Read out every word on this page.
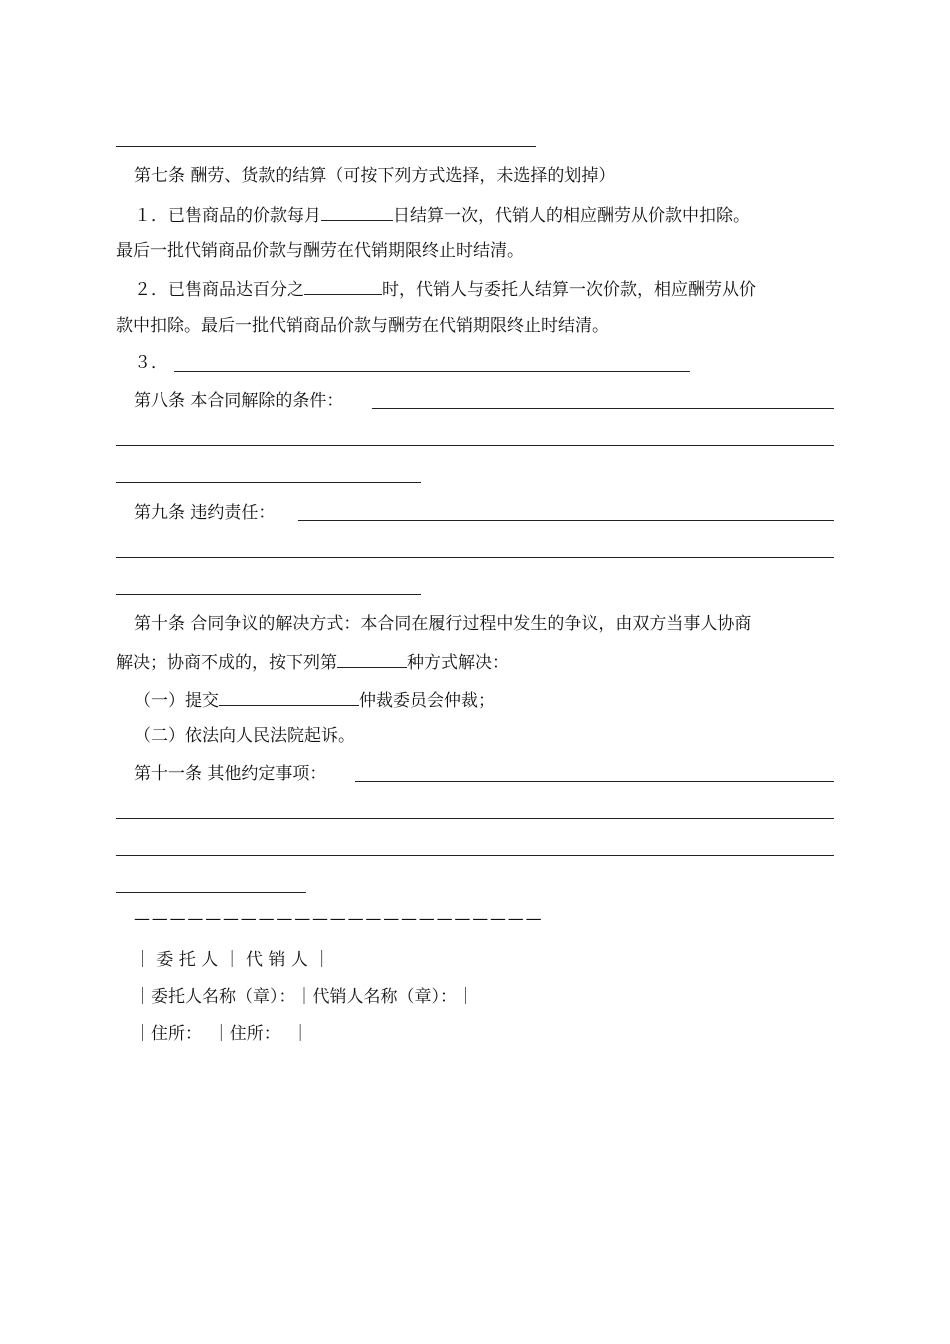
第七条 酬劳、货款的结算（可按下列方式选择，未选择的划掉）
１．已售商品的价款每月	日结算一次，代销人的相应酬劳从价款中扣除。
最后一批代销商品价款与酬劳在代销期限终止时结清。
２．已售商品达百分之	时，代销人与委托人结算一次价款，相应酬劳从价
款中扣除。最后一批代销商品价款与酬劳在代销期限终止时结清。
３．
第八条 本合同解除的条件：
第九条 违约责任：
第十条 合同争议的解决方式：本合同在履行过程中发生的争议，由双方当事人协商
解决；协商不成的，按下列第	种方式解决：
（一）提交	仲裁委员会仲裁；
（二）依法向人民法院起诉。
第十一条 其他约定事项：
———————————————————————
｜ 委 托 人 ｜ 代 销 人 ｜
｜委托人名称（章）：｜代销人名称（章）：｜
｜住所：  ｜住所：  ｜
